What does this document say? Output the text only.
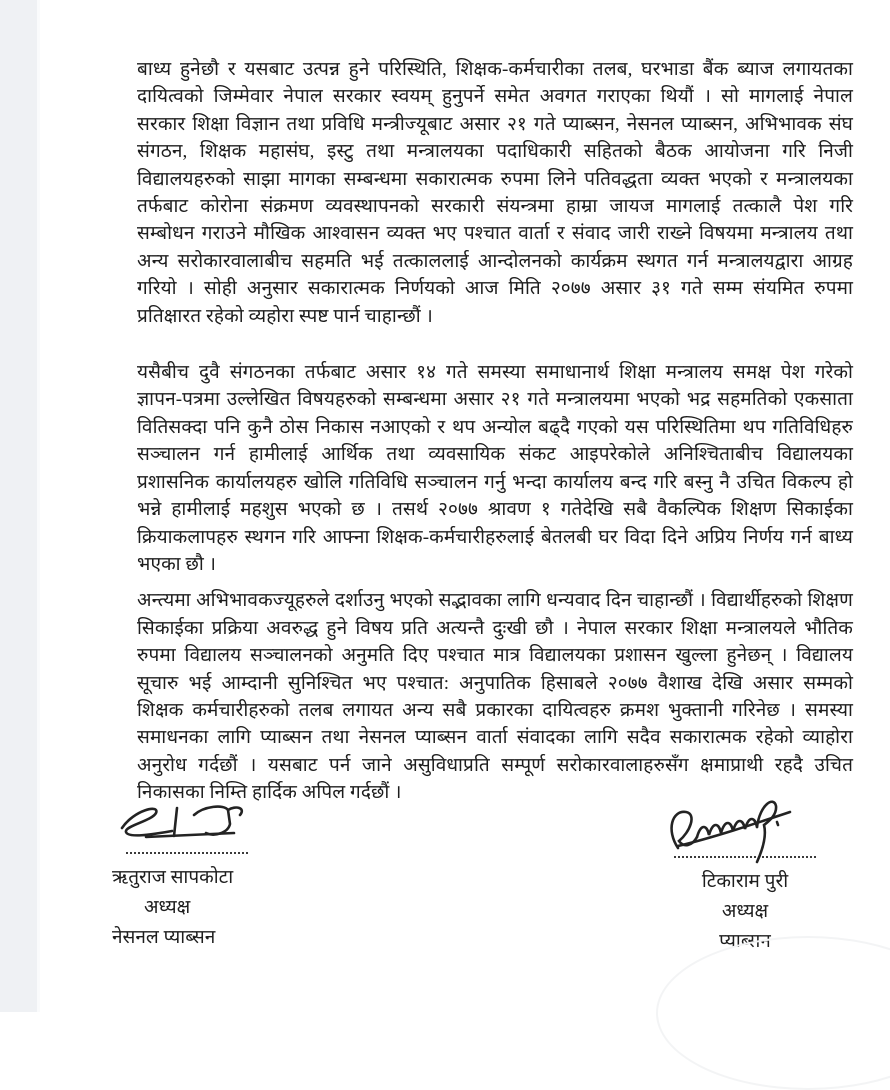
बाध्य हुनेछौ र यसबाट उत्पन्न हुने परिस्थिति, शिक्षक-कर्मचारीका तलब, घरभाडा बैंक ब्याज लगायतका
दायित्वको जिम्मेवार नेपाल सरकार स्वयम् हुनुपर्ने समेत अवगत गराएका थियौं । सो मागलाई नेपाल
सरकार शिक्षा विज्ञान तथा प्रविधि मन्त्रीज्यूबाट असार २१ गते प्याब्सन, नेसनल प्याब्सन, अभिभावक संघ
संगठन, शिक्षक महासंघ, इस्टु तथा मन्त्रालयका पदाधिकारी सहितको बैठक आयोजना गरि निजी
विद्यालयहरुको साझा मागका सम्बन्धमा सकारात्मक रुपमा लिने पतिवद्धता व्यक्त भएको र मन्त्रालयका
तर्फबाट कोरोना संक्रमण व्यवस्थापनको सरकारी संयन्त्रमा हाम्रा जायज मागलाई तत्कालै पेश गरि
सम्बोधन गराउने मौखिक आश्वासन व्यक्त भए पश्चात वार्ता र संवाद जारी राख्ने विषयमा मन्त्रालय तथा
अन्य सरोकारवालाबीच सहमति भई तत्काललाई आन्दोलनको कार्यक्रम स्थगत गर्न मन्त्रालयद्वारा आग्रह
गरियो । सोही अनुसार सकारात्मक निर्णयको आज मिति २०७७ असार ३१ गते सम्म संयमित रुपमा
प्रतिक्षारत रहेको व्यहोरा स्पष्ट पार्न चाहान्छौं ।
यसैबीच दुवै संगठनका तर्फबाट असार १४ गते समस्या समाधानार्थ शिक्षा मन्त्रालय समक्ष पेश गरेको
ज्ञापन-पत्रमा उल्लेखित विषयहरुको सम्बन्धमा असार २१ गते मन्त्रालयमा भएको भद्र सहमतिको एकसाता
वितिसक्दा पनि कुनै ठोस निकास नआएको र थप अन्योल बढ्दै गएको यस परिस्थितिमा थप गतिविधिहरु
सञ्चालन गर्न हामीलाई आर्थिक तथा व्यवसायिक संकट आइपरेकोले अनिश्चिताबीच विद्यालयका
प्रशासनिक कार्यालयहरु खोलि गतिविधि सञ्चालन गर्नु भन्दा कार्यालय बन्द गरि बस्नु नै उचित विकल्प हो
भन्ने हामीलाई महशुस भएको छ । तसर्थ २०७७ श्रावण १ गतेदेखि सबै वैकल्पिक शिक्षण सिकाईका
क्रियाकलापहरु स्थगन गरि आफ्ना शिक्षक-कर्मचारीहरुलाई बेतलबी घर विदा दिने अप्रिय निर्णय गर्न बाध्य
भएका छौ ।
अन्त्यमा अभिभावकज्यूहरुले दर्शाउनु भएको सद्भावका लागि धन्यवाद दिन चाहान्छौं । विद्यार्थीहरुको शिक्षण
सिकाईका प्रक्रिया अवरुद्ध हुने विषय प्रति अत्यन्तै दुःखी छौ । नेपाल सरकार शिक्षा मन्त्रालयले भौतिक
रुपमा विद्यालय सञ्चालनको अनुमति दिए पश्चात मात्र विद्यालयका प्रशासन खुल्ला हुनेछन् । विद्यालय
सूचारु भई आम्दानी सुनिश्चित भए पश्चात: अनुपातिक हिसाबले २०७७ वैशाख देखि असार सम्मको
शिक्षक कर्मचारीहरुको तलब लगायत अन्य सबै प्रकारका दायित्वहरु क्रमश भुक्तानी गरिनेछ । समस्या
समाधनका लागि प्याब्सन तथा नेसनल प्याब्सन वार्ता संवादका लागि सदैव सकारात्मक रहेको व्याहोरा
अनुरोध गर्दछौं । यसबाट पर्न जाने असुविधाप्रति सम्पूर्ण सरोकारवालाहरुसँग क्षमाप्राथी रहदै उचित
निकासका निम्ति हार्दिक अपिल गर्दछौं ।
ऋतुराज सापकोटा
अध्यक्ष
नेसनल प्याब्सन
टिकाराम पुरी
अध्यक्ष
प्याब्सन
